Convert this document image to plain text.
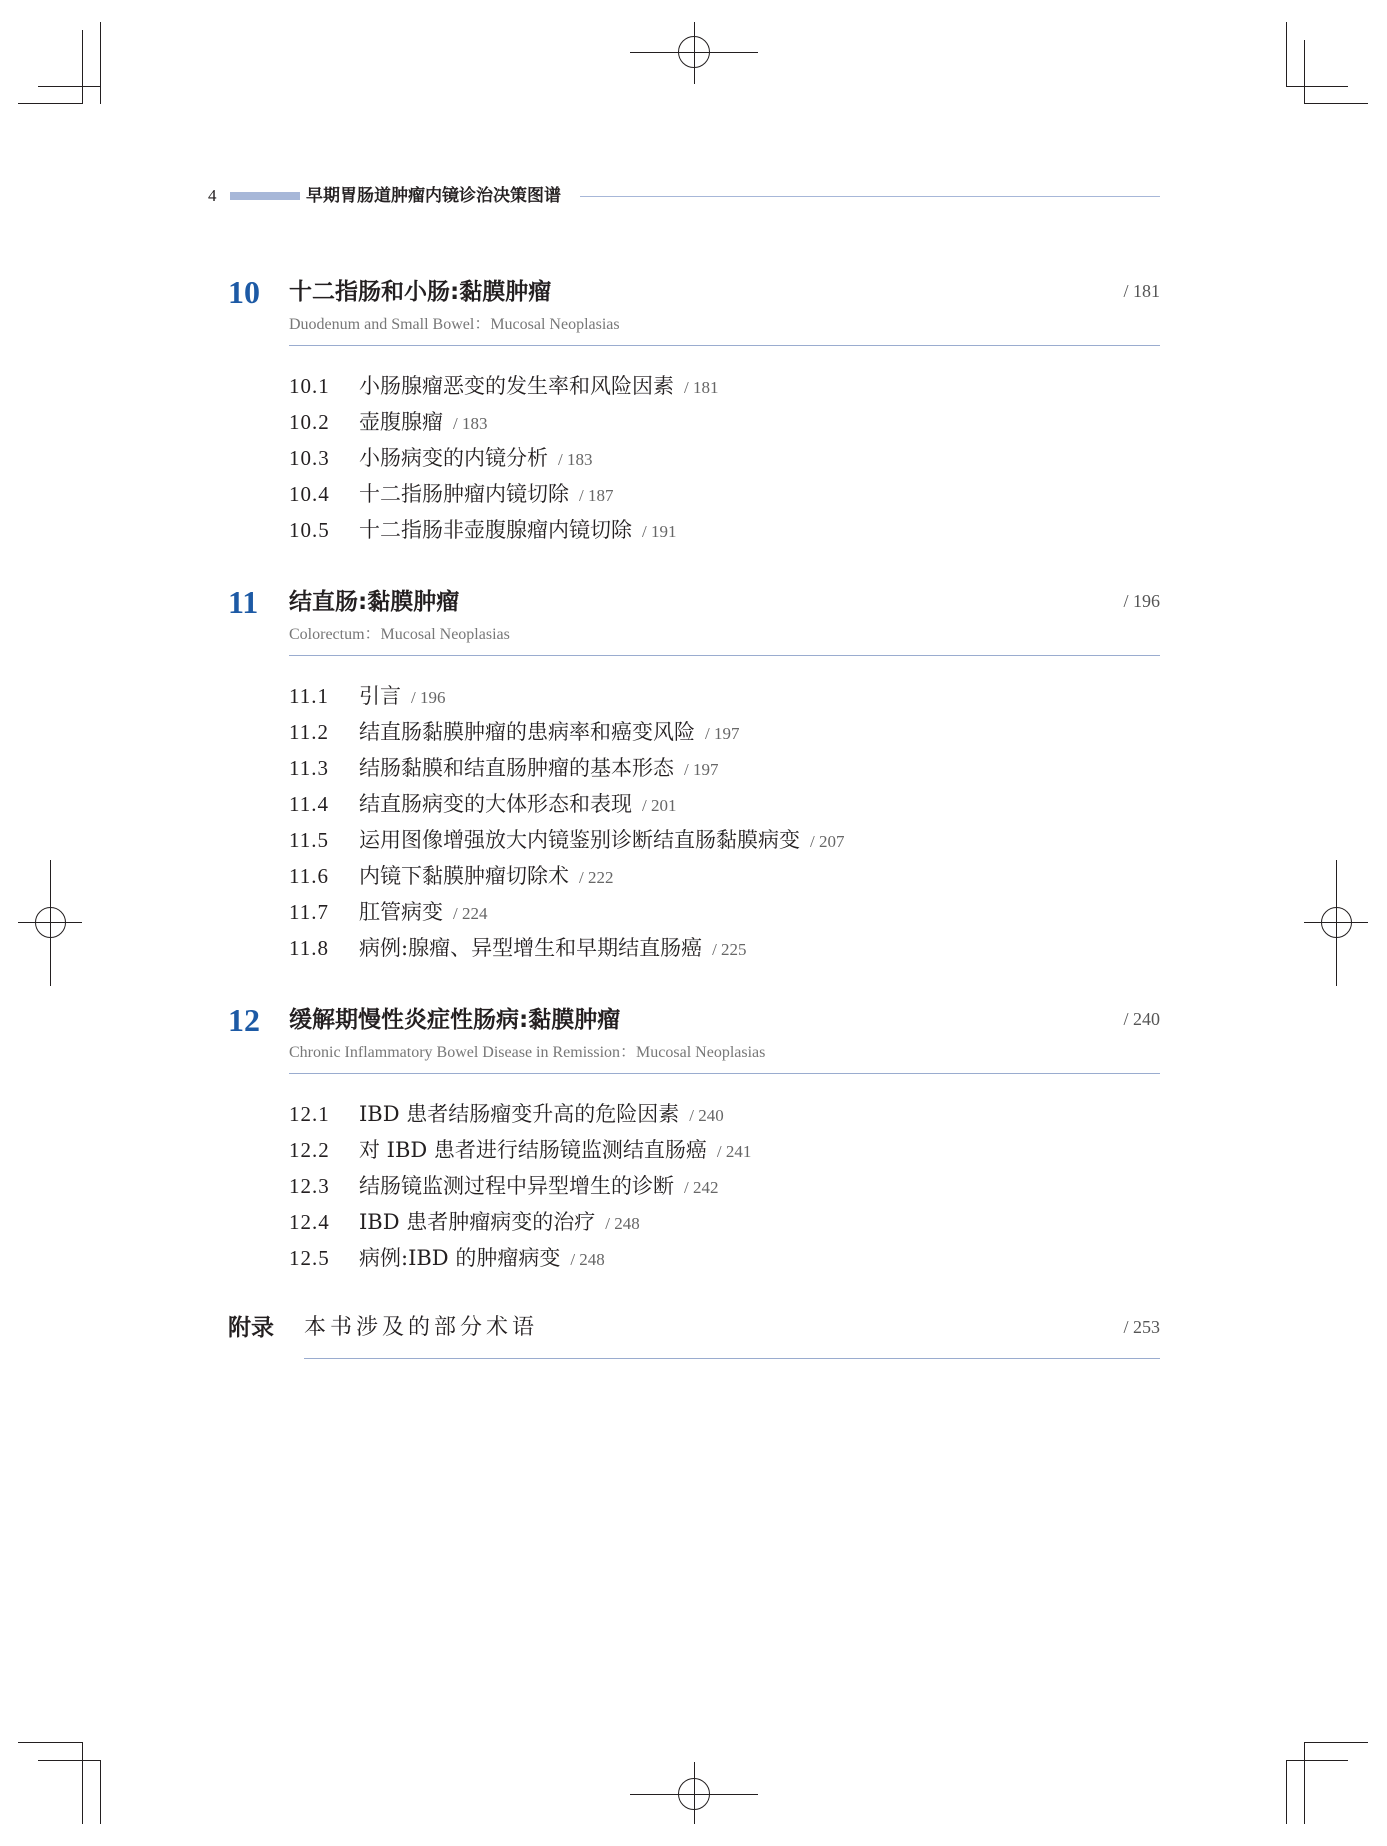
4	早期胃肠道肿瘤内镜诊治决策图谱
10 十二指肠和小肠:黏膜肿瘤	/ 181
Duodenum and Small Bowel：Mucosal Neoplasias
10.1 小肠腺瘤恶变的发生率和风险因素 / 181
10.2 壶腹腺瘤 / 183
10.3 小肠病变的内镜分析 / 183
10.4 十二指肠肿瘤内镜切除 / 187
10.5 十二指肠非壶腹腺瘤内镜切除 / 191
11 结直肠:黏膜肿瘤	/ 196
Colorectum：Mucosal Neoplasias
11.1 引言 / 196
11.2 结直肠黏膜肿瘤的患病率和癌变风险 / 197
11.3 结肠黏膜和结直肠肿瘤的基本形态 / 197
11.4 结直肠病变的大体形态和表现 / 201
11.5 运用图像增强放大内镜鉴别诊断结直肠黏膜病变 / 207
11.6 内镜下黏膜肿瘤切除术 / 222
11.7 肛管病变 / 224
11.8 病例:腺瘤、异型增生和早期结直肠癌 / 225
12 缓解期慢性炎症性肠病:黏膜肿瘤	/ 240
Chronic Inflammatory Bowel Disease in Remission：Mucosal Neoplasias
12.1 IBD 患者结肠瘤变升高的危险因素 / 240
12.2 对 IBD 患者进行结肠镜监测结直肠癌 / 241
12.3 结肠镜监测过程中异型增生的诊断 / 242
12.4 IBD 患者肿瘤病变的治疗 / 248
12.5 病例:IBD 的肿瘤病变 / 248
附录 本书涉及的部分术语	/ 253
